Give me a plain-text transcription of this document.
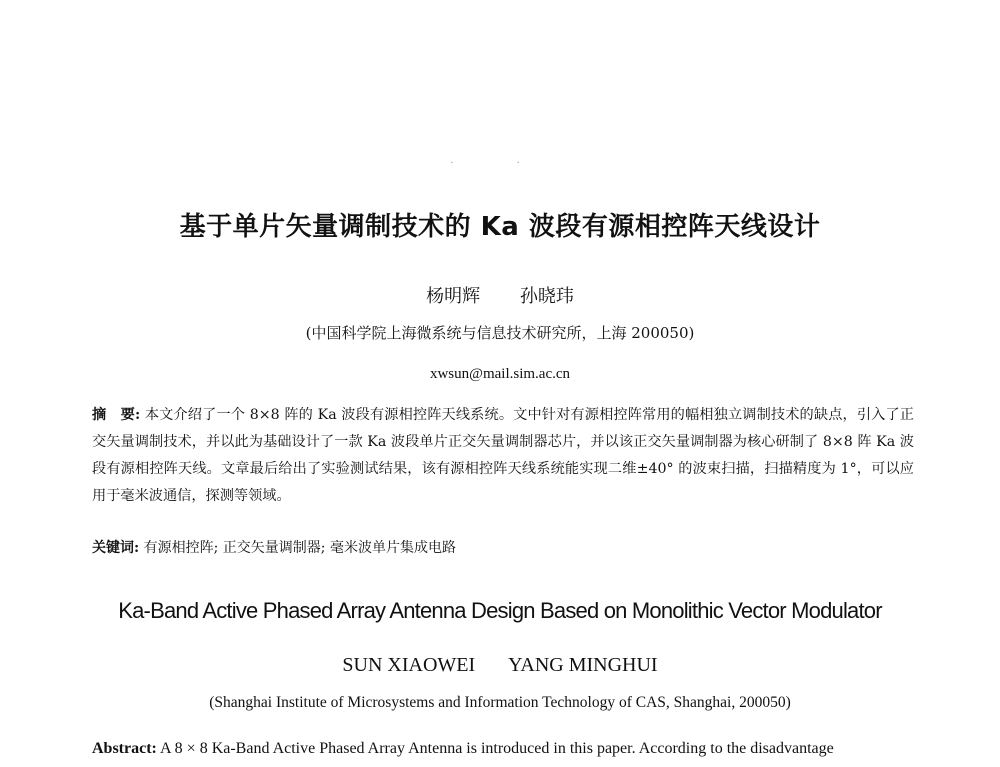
· ·
基于单片矢量调制技术的 Ka 波段有源相控阵天线设计
杨明辉 孙晓玮
(中国科学院上海微系统与信息技术研究所，上海 200050)
xwsun@mail.sim.ac.cn
摘　要: 本文介绍了一个 8×8 阵的 Ka 波段有源相控阵天线系统。文中针对有源相控阵常用的幅相独立调制技术的缺点，引入了正交矢量调制技术，并以此为基础设计了一款 Ka 波段单片正交矢量调制器芯片，并以该正交矢量调制器为核心研制了 8×8 阵 Ka 波段有源相控阵天线。文章最后给出了实验测试结果，该有源相控阵天线系统能实现二维±40° 的波束扫描，扫描精度为 1°，可以应用于毫米波通信，探测等领域。
关键词: 有源相控阵; 正交矢量调制器; 毫米波单片集成电路
Ka-Band Active Phased Array Antenna Design Based on Monolithic Vector Modulator
SUN XIAOWEI YANG MINGHUI
(Shanghai Institute of Microsystems and Information Technology of CAS, Shanghai, 200050)
Abstract: A 8 × 8 Ka-Band Active Phased Array Antenna is introduced in this paper. According to the disadvantage
